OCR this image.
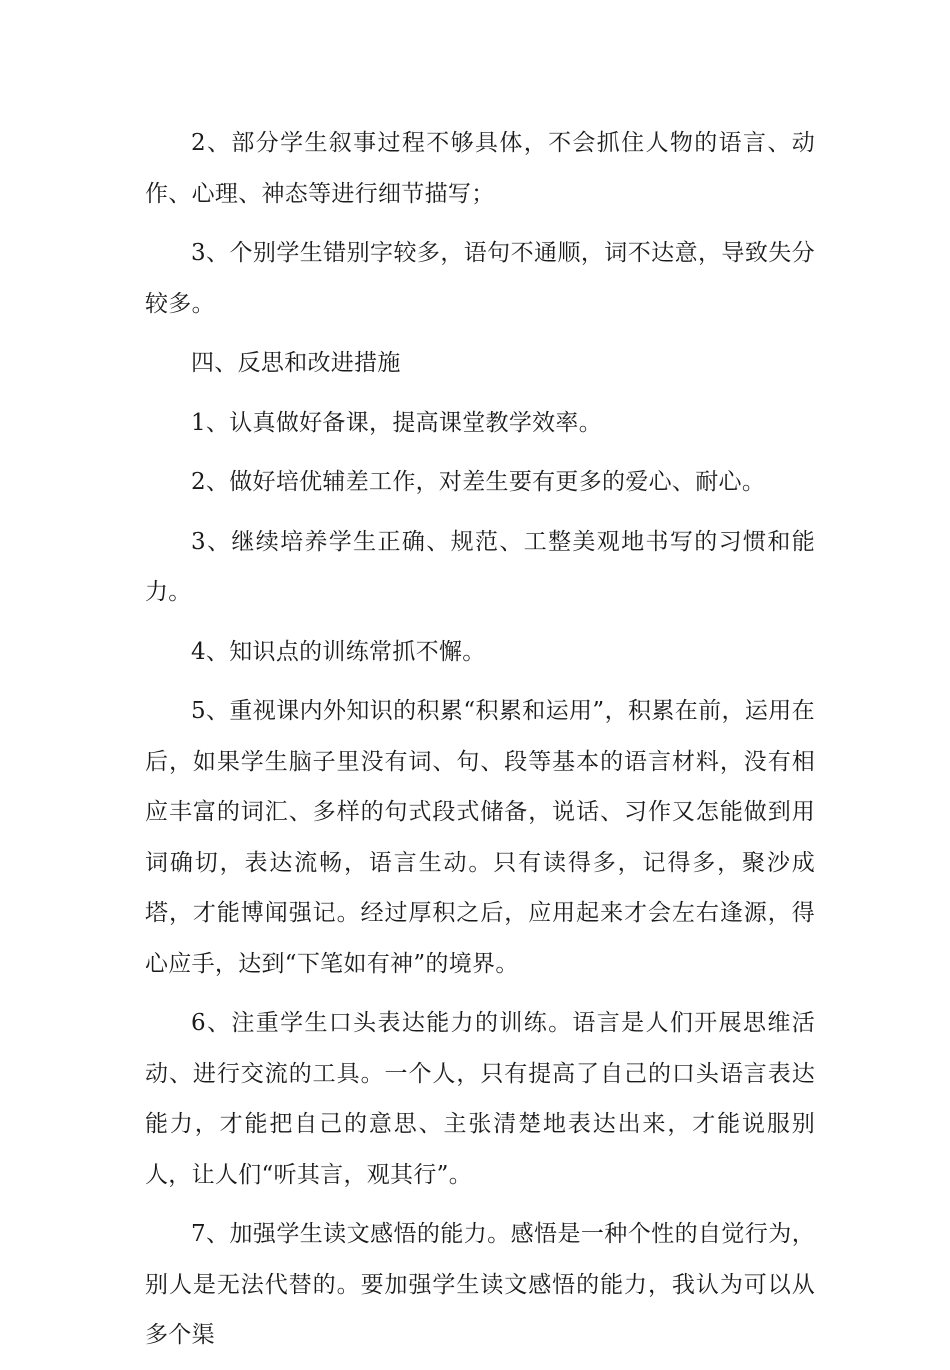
2、部分学生叙事过程不够具体，不会抓住人物的语言、动作、心理、神态等进行细节描写；

3、个别学生错别字较多，语句不通顺，词不达意，导致失分较多。

四、反思和改进措施

1、认真做好备课，提高课堂教学效率。

2、做好培优辅差工作，对差生要有更多的爱心、耐心。

3、继续培养学生正确、规范、工整美观地书写的习惯和能力。

4、知识点的训练常抓不懈。

5、重视课内外知识的积累“积累和运用”，积累在前，运用在后，如果学生脑子里没有词、句、段等基本的语言材料，没有相应丰富的词汇、多样的句式段式储备，说话、习作又怎能做到用词确切，表达流畅，语言生动。只有读得多，记得多，聚沙成塔，才能博闻强记。经过厚积之后，应用起来才会左右逢源，得心应手，达到“下笔如有神”的境界。

6、注重学生口头表达能力的训练。语言是人们开展思维活动、进行交流的工具。一个人，只有提高了自己的口头语言表达能力，才能把自己的意思、主张清楚地表达出来，才能说服别人，让人们“听其言，观其行”。

7、加强学生读文感悟的能力。感悟是一种个性的自觉行为，别人是无法代替的。要加强学生读文感悟的能力，我认为可以从多个渠
